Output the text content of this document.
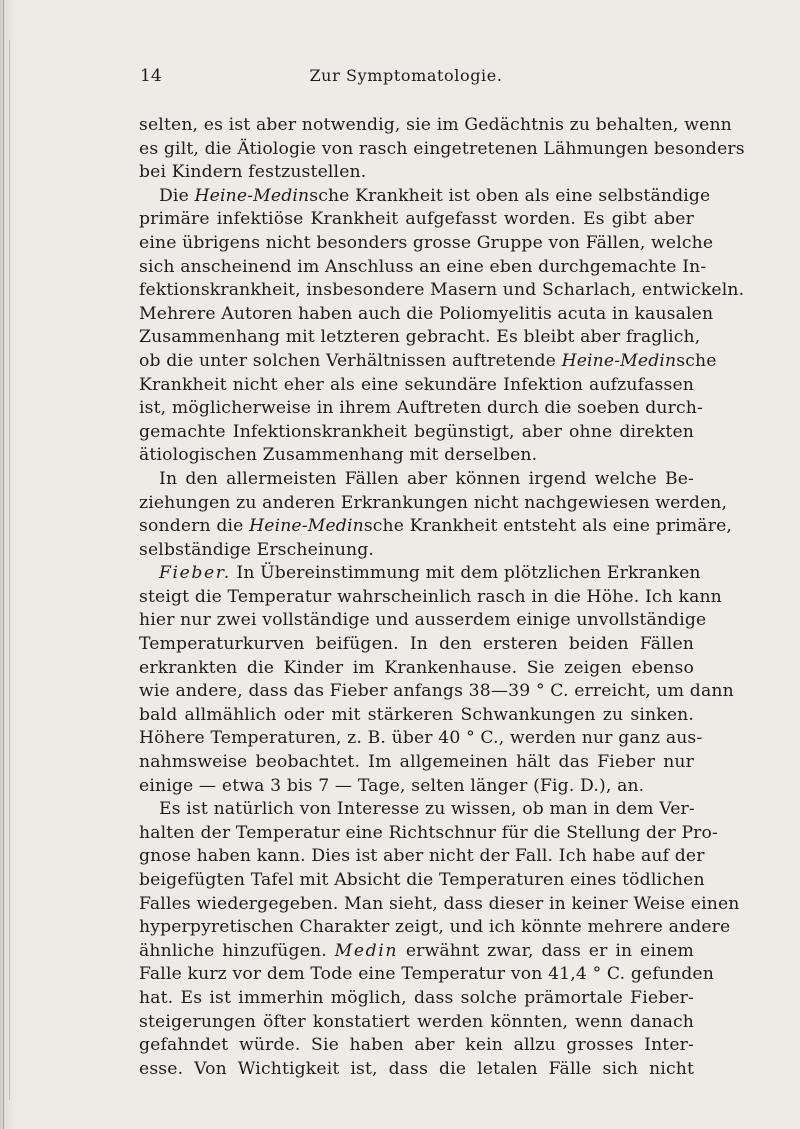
14	Zur Symptomatologie.
selten, es ist aber notwendig, sie im Gedächtnis zu behalten, wenn
es gilt, die Ätiologie von rasch eingetretenen Lähmungen besonders
bei Kindern festzustellen.
Die Heine-Medinsche Krankheit ist oben als eine selbständige
primäre infektiöse Krankheit aufgefasst worden. Es gibt aber
eine übrigens nicht besonders grosse Gruppe von Fällen, welche
sich anscheinend im Anschluss an eine eben durchgemachte In-
fektionskrankheit, insbesondere Masern und Scharlach, entwickeln.
Mehrere Autoren haben auch die Poliomyelitis acuta in kausalen
Zusammenhang mit letzteren gebracht. Es bleibt aber fraglich,
ob die unter solchen Verhältnissen auftretende Heine-Medinsche
Krankheit nicht eher als eine sekundäre Infektion aufzufassen
ist, möglicherweise in ihrem Auftreten durch die soeben durch-
gemachte Infektionskrankheit begünstigt, aber ohne direkten
ätiologischen Zusammenhang mit derselben.
In den allermeisten Fällen aber können irgend welche Be-
ziehungen zu anderen Erkrankungen nicht nachgewiesen werden,
sondern die Heine-Medinsche Krankheit entsteht als eine primäre,
selbständige Erscheinung.
Fieber. In Übereinstimmung mit dem plötzlichen Erkranken
steigt die Temperatur wahrscheinlich rasch in die Höhe. Ich kann
hier nur zwei vollständige und ausserdem einige unvollständige
Temperaturkurven beifügen. In den ersteren beiden Fällen
erkrankten die Kinder im Krankenhause. Sie zeigen ebenso
wie andere, dass das Fieber anfangs 38—39 ° C. erreicht, um dann
bald allmählich oder mit stärkeren Schwankungen zu sinken.
Höhere Temperaturen, z. B. über 40 ° C., werden nur ganz aus-
nahmsweise beobachtet. Im allgemeinen hält das Fieber nur
einige — etwa 3 bis 7 — Tage, selten länger (Fig. D.), an.
Es ist natürlich von Interesse zu wissen, ob man in dem Ver-
halten der Temperatur eine Richtschnur für die Stellung der Pro-
gnose haben kann. Dies ist aber nicht der Fall. Ich habe auf der
beigefügten Tafel mit Absicht die Temperaturen eines tödlichen
Falles wiedergegeben. Man sieht, dass dieser in keiner Weise einen
hyperpyretischen Charakter zeigt, und ich könnte mehrere andere
ähnliche hinzufügen. Medin erwähnt zwar, dass er in einem
Falle kurz vor dem Tode eine Temperatur von 41,4 ° C. gefunden
hat. Es ist immerhin möglich, dass solche prämortale Fieber-
steigerungen öfter konstatiert werden könnten, wenn danach
gefahndet würde. Sie haben aber kein allzu grosses Inter-
esse. Von Wichtigkeit ist, dass die letalen Fälle sich nicht
